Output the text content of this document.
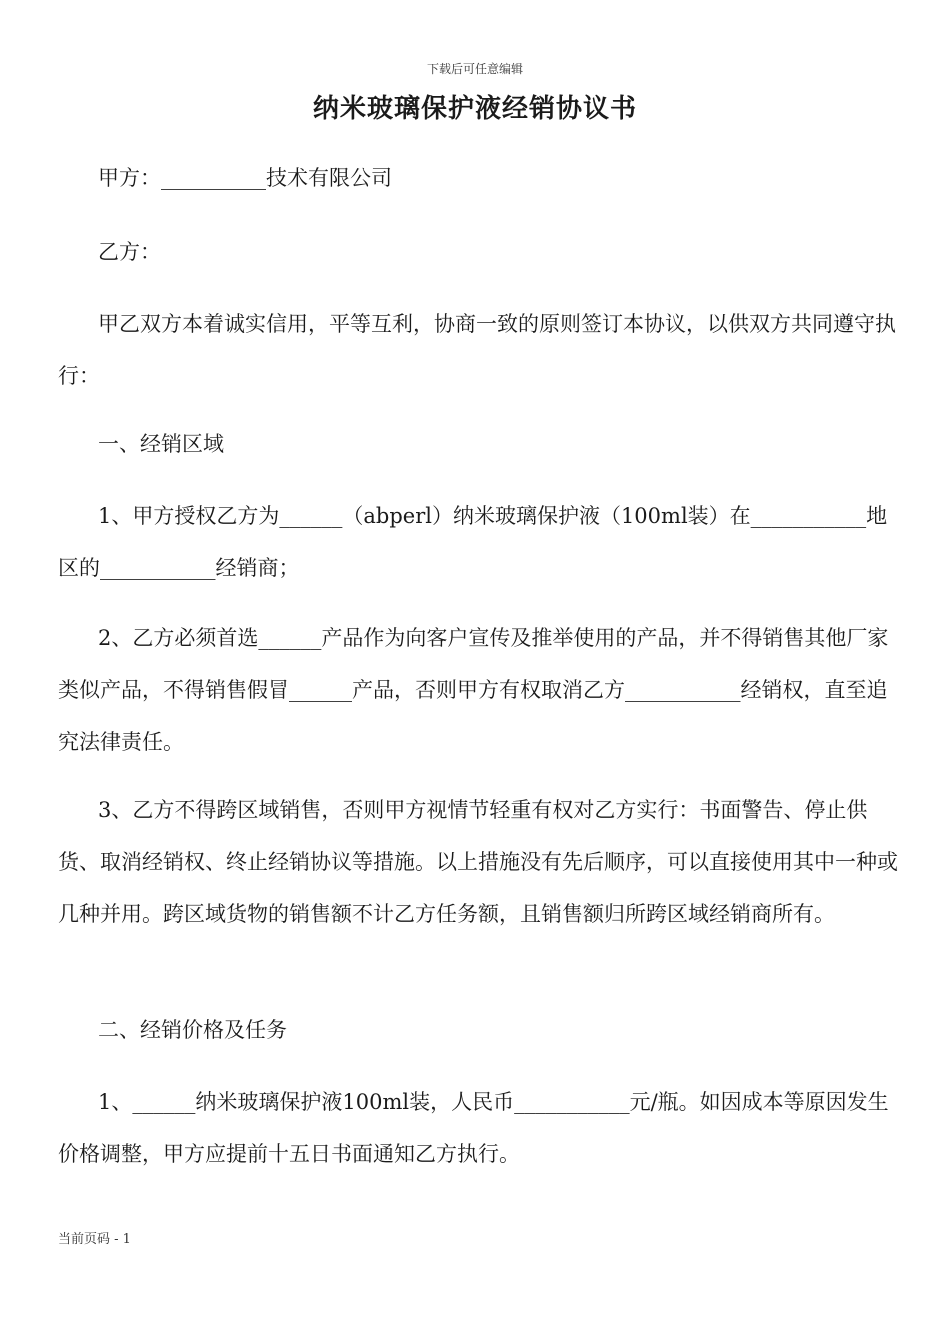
下载后可任意编辑
纳米玻璃保护液经销协议书

甲方：__________技术有限公司

乙方：

甲乙双方本着诚实信用，平等互利，协商一致的原则签订本协议，以供双方共同遵守执行：

一、经销区域

1、甲方授权乙方为______（abperl）纳米玻璃保护液（100ml装）在___________地区的___________经销商；

2、乙方必须首选______产品作为向客户宣传及推举使用的产品，并不得销售其他厂家类似产品，不得销售假冒______产品，否则甲方有权取消乙方___________经销权，直至追究法律责任。

3、乙方不得跨区域销售，否则甲方视情节轻重有权对乙方实行：书面警告、停止供货、取消经销权、终止经销协议等措施。以上措施没有先后顺序，可以直接使用其中一种或几种并用。跨区域货物的销售额不计乙方任务额，且销售额归所跨区域经销商所有。

二、经销价格及任务

1、______纳米玻璃保护液100ml装，人民币___________元/瓶。如因成本等原因发生价格调整，甲方应提前十五日书面通知乙方执行。

当前页码 - 1
